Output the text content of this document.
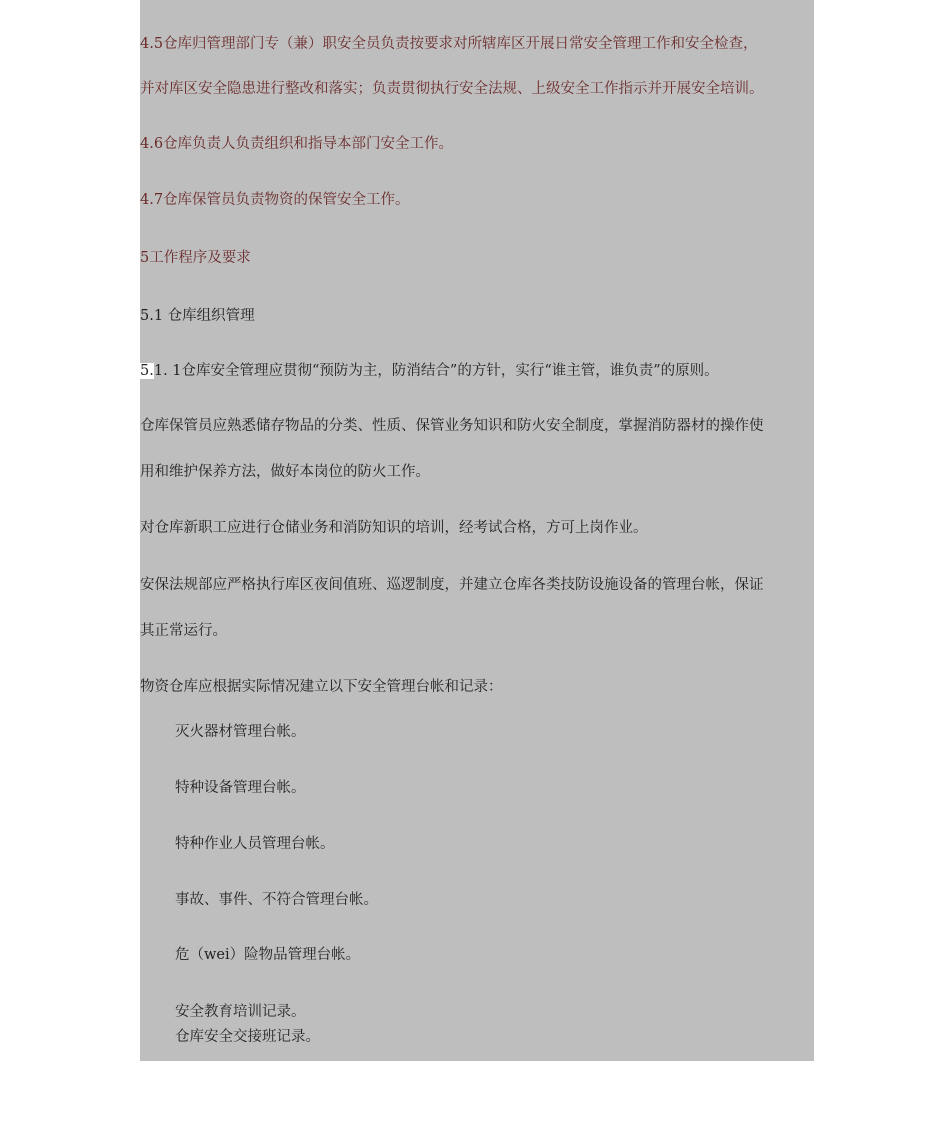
4.5仓库归管理部门专（兼）职安全员负责按要求对所辖库区开展日常安全管理工作和安全检查，
并对库区安全隐患进行整改和落实；负责贯彻执行安全法规、上级安全工作指示并开展安全培训。
4.6仓库负责人负责组织和指导本部门安全工作。
4.7仓库保管员负责物资的保管安全工作。
5工作程序及要求
5.1 仓库组织管理
5.1. 1仓库安全管理应贯彻“预防为主，防消结合”的方针，实行“谁主管，谁负责”的原则。
仓库保管员应熟悉储存物品的分类、性质、保管业务知识和防火安全制度，掌握消防器材的操作使
用和维护保养方法，做好本岗位的防火工作。
对仓库新职工应进行仓储业务和消防知识的培训，经考试合格，方可上岗作业。
安保法规部应严格执行库区夜间值班、巡逻制度，并建立仓库各类技防设施设备的管理台帐，保证
其正常运行。
物资仓库应根据实际情况建立以下安全管理台帐和记录：
灭火器材管理台帐。
特种设备管理台帐。
特种作业人员管理台帐。
事故、事件、不符合管理台帐。
危（wei）险物品管理台帐。
安全教育培训记录。
仓库安全交接班记录。
